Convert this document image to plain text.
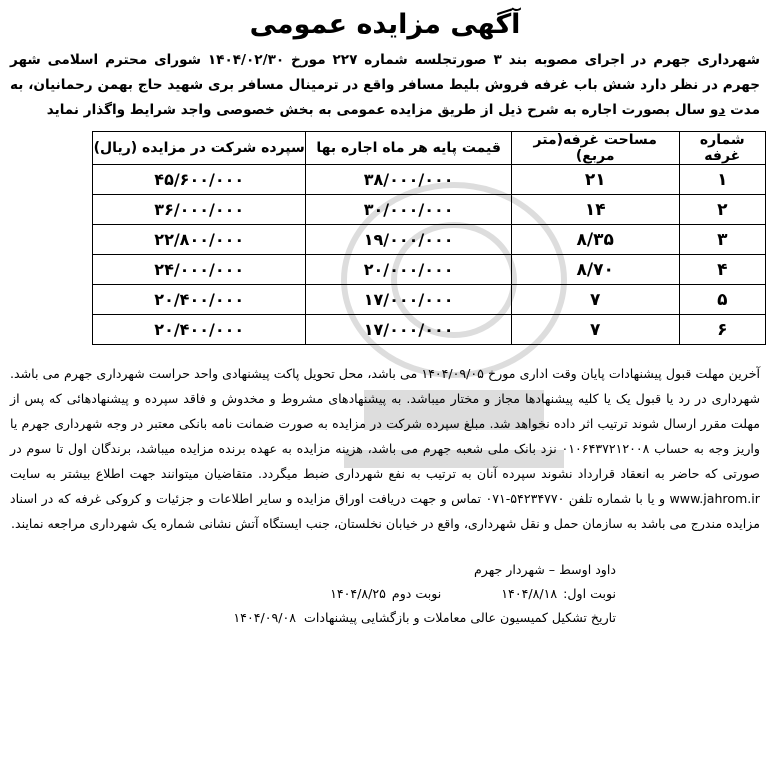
آگهی مزایده عمومی
شهرداری جهرم در اجرای مصوبه بند ۳ صورتجلسه شماره ۲۲۷ مورخ ۱۴۰۴/۰۲/۳۰ شورای محترم اسلامی شهر جهرم در نظر دارد شش باب غرفه فروش بلیط مسافر واقع در ترمینال مسافر بری شهید حاج بهمن رحمانیان، به مدت دو سال بصورت اجاره به شرح ذیل از طریق مزایده عمومی به بخش خصوصی واجد شرایط واگذار نماید
شماره غرفه	مساحت غرفه(متر مربع)	قیمت پایه هر ماه اجاره بها	سپرده شرکت در مزایده (ریال)
۱	۲۱	۳۸/۰۰۰/۰۰۰	۴۵/۶۰۰/۰۰۰
۲	۱۴	۳۰/۰۰۰/۰۰۰	۳۶/۰۰۰/۰۰۰
۳	۸/۳۵	۱۹/۰۰۰/۰۰۰	۲۲/۸۰۰/۰۰۰
۴	۸/۷۰	۲۰/۰۰۰/۰۰۰	۲۴/۰۰۰/۰۰۰
۵	۷	۱۷/۰۰۰/۰۰۰	۲۰/۴۰۰/۰۰۰
۶	۷	۱۷/۰۰۰/۰۰۰	۲۰/۴۰۰/۰۰۰
آخرین مهلت قبول پیشنهادات پایان وقت اداری مورخ ۱۴۰۴/۰۹/۰۵ می باشد، محل تحویل پاکت پیشنهادی واحد حراست شهرداری جهرم می باشد. شهرداری در رد یا قبول یک یا کلیه پیشنهادها مجاز و مختار میباشد. به پیشنهادهای مشروط و مخدوش و فاقد سپرده و پیشنهادهائی که پس از مهلت مقرر ارسال شوند ترتیب اثر داده نخواهد شد. مبلغ سپرده شرکت در مزایده به صورت ضمانت نامه بانکی معتبر در وجه شهرداری جهرم یا واریز وجه به حساب ۰۱۰۶۴۳۷۲۱۲۰۰۸ نزد بانک ملی شعبه جهرم می باشد، هزینه مزایده به عهده برنده مزایده میباشد، برندگان اول تا سوم در صورتی که حاضر به انعقاد قرارداد نشوند سپرده آنان به ترتیب به نفع شهرداری ضبط میگردد. متقاضیان میتوانند جهت اطلاع بیشتر به سایت www.jahrom.ir و یا با شماره تلفن ۵۴۲۳۴۷۷۰-۰۷۱ تماس و جهت دریافت اوراق مزایده و سایر اطلاعات و جزئیات و کروکی غرفه که در اسناد مزایده مندرج می باشد به سازمان حمل و نقل شهرداری، واقع در خیابان نخلستان، جنب ایستگاه آتش نشانی شماره یک شهرداری مراجعه نمایند.
داود اوسط – شهردار جهرم
نوبت اول:
۱۴۰۴/۸/۱۸
نوبت دوم
۱۴۰۴/۸/۲۵
تاریخ تشکیل کمیسیون عالی معاملات و بازگشایی پیشنهادات
۱۴۰۴/۰۹/۰۸
